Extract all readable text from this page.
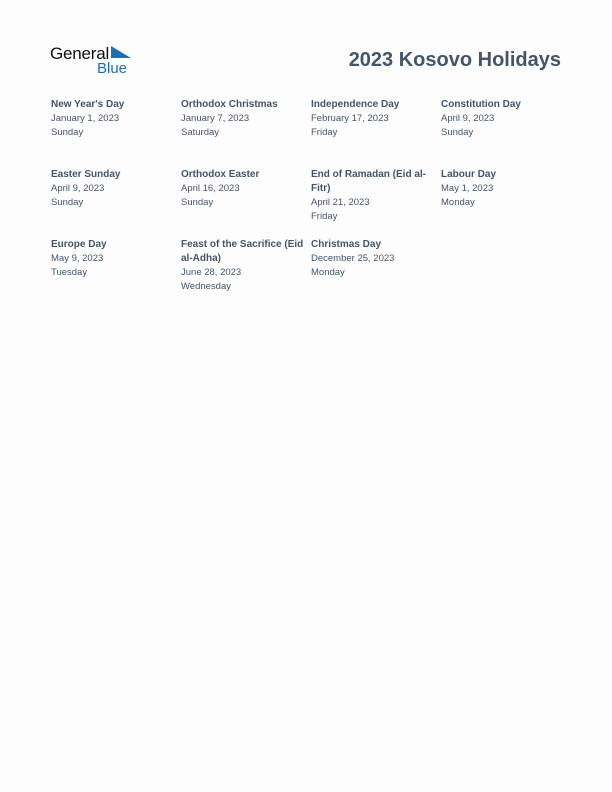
General
Blue	2023 Kosovo Holidays
New Year's Day
January 1, 2023
Sunday
Orthodox Christmas
January 7, 2023
Saturday
Independence Day
February 17, 2023
Friday
Constitution Day
April 9, 2023
Sunday
Easter Sunday
April 9, 2023
Sunday
Orthodox Easter
April 16, 2023
Sunday
End of Ramadan (Eid al-Fitr)
April 21, 2023
Friday
Labour Day
May 1, 2023
Monday
Europe Day
May 9, 2023
Tuesday
Feast of the Sacrifice (Eid al-Adha)
June 28, 2023
Wednesday
Christmas Day
December 25, 2023
Monday
